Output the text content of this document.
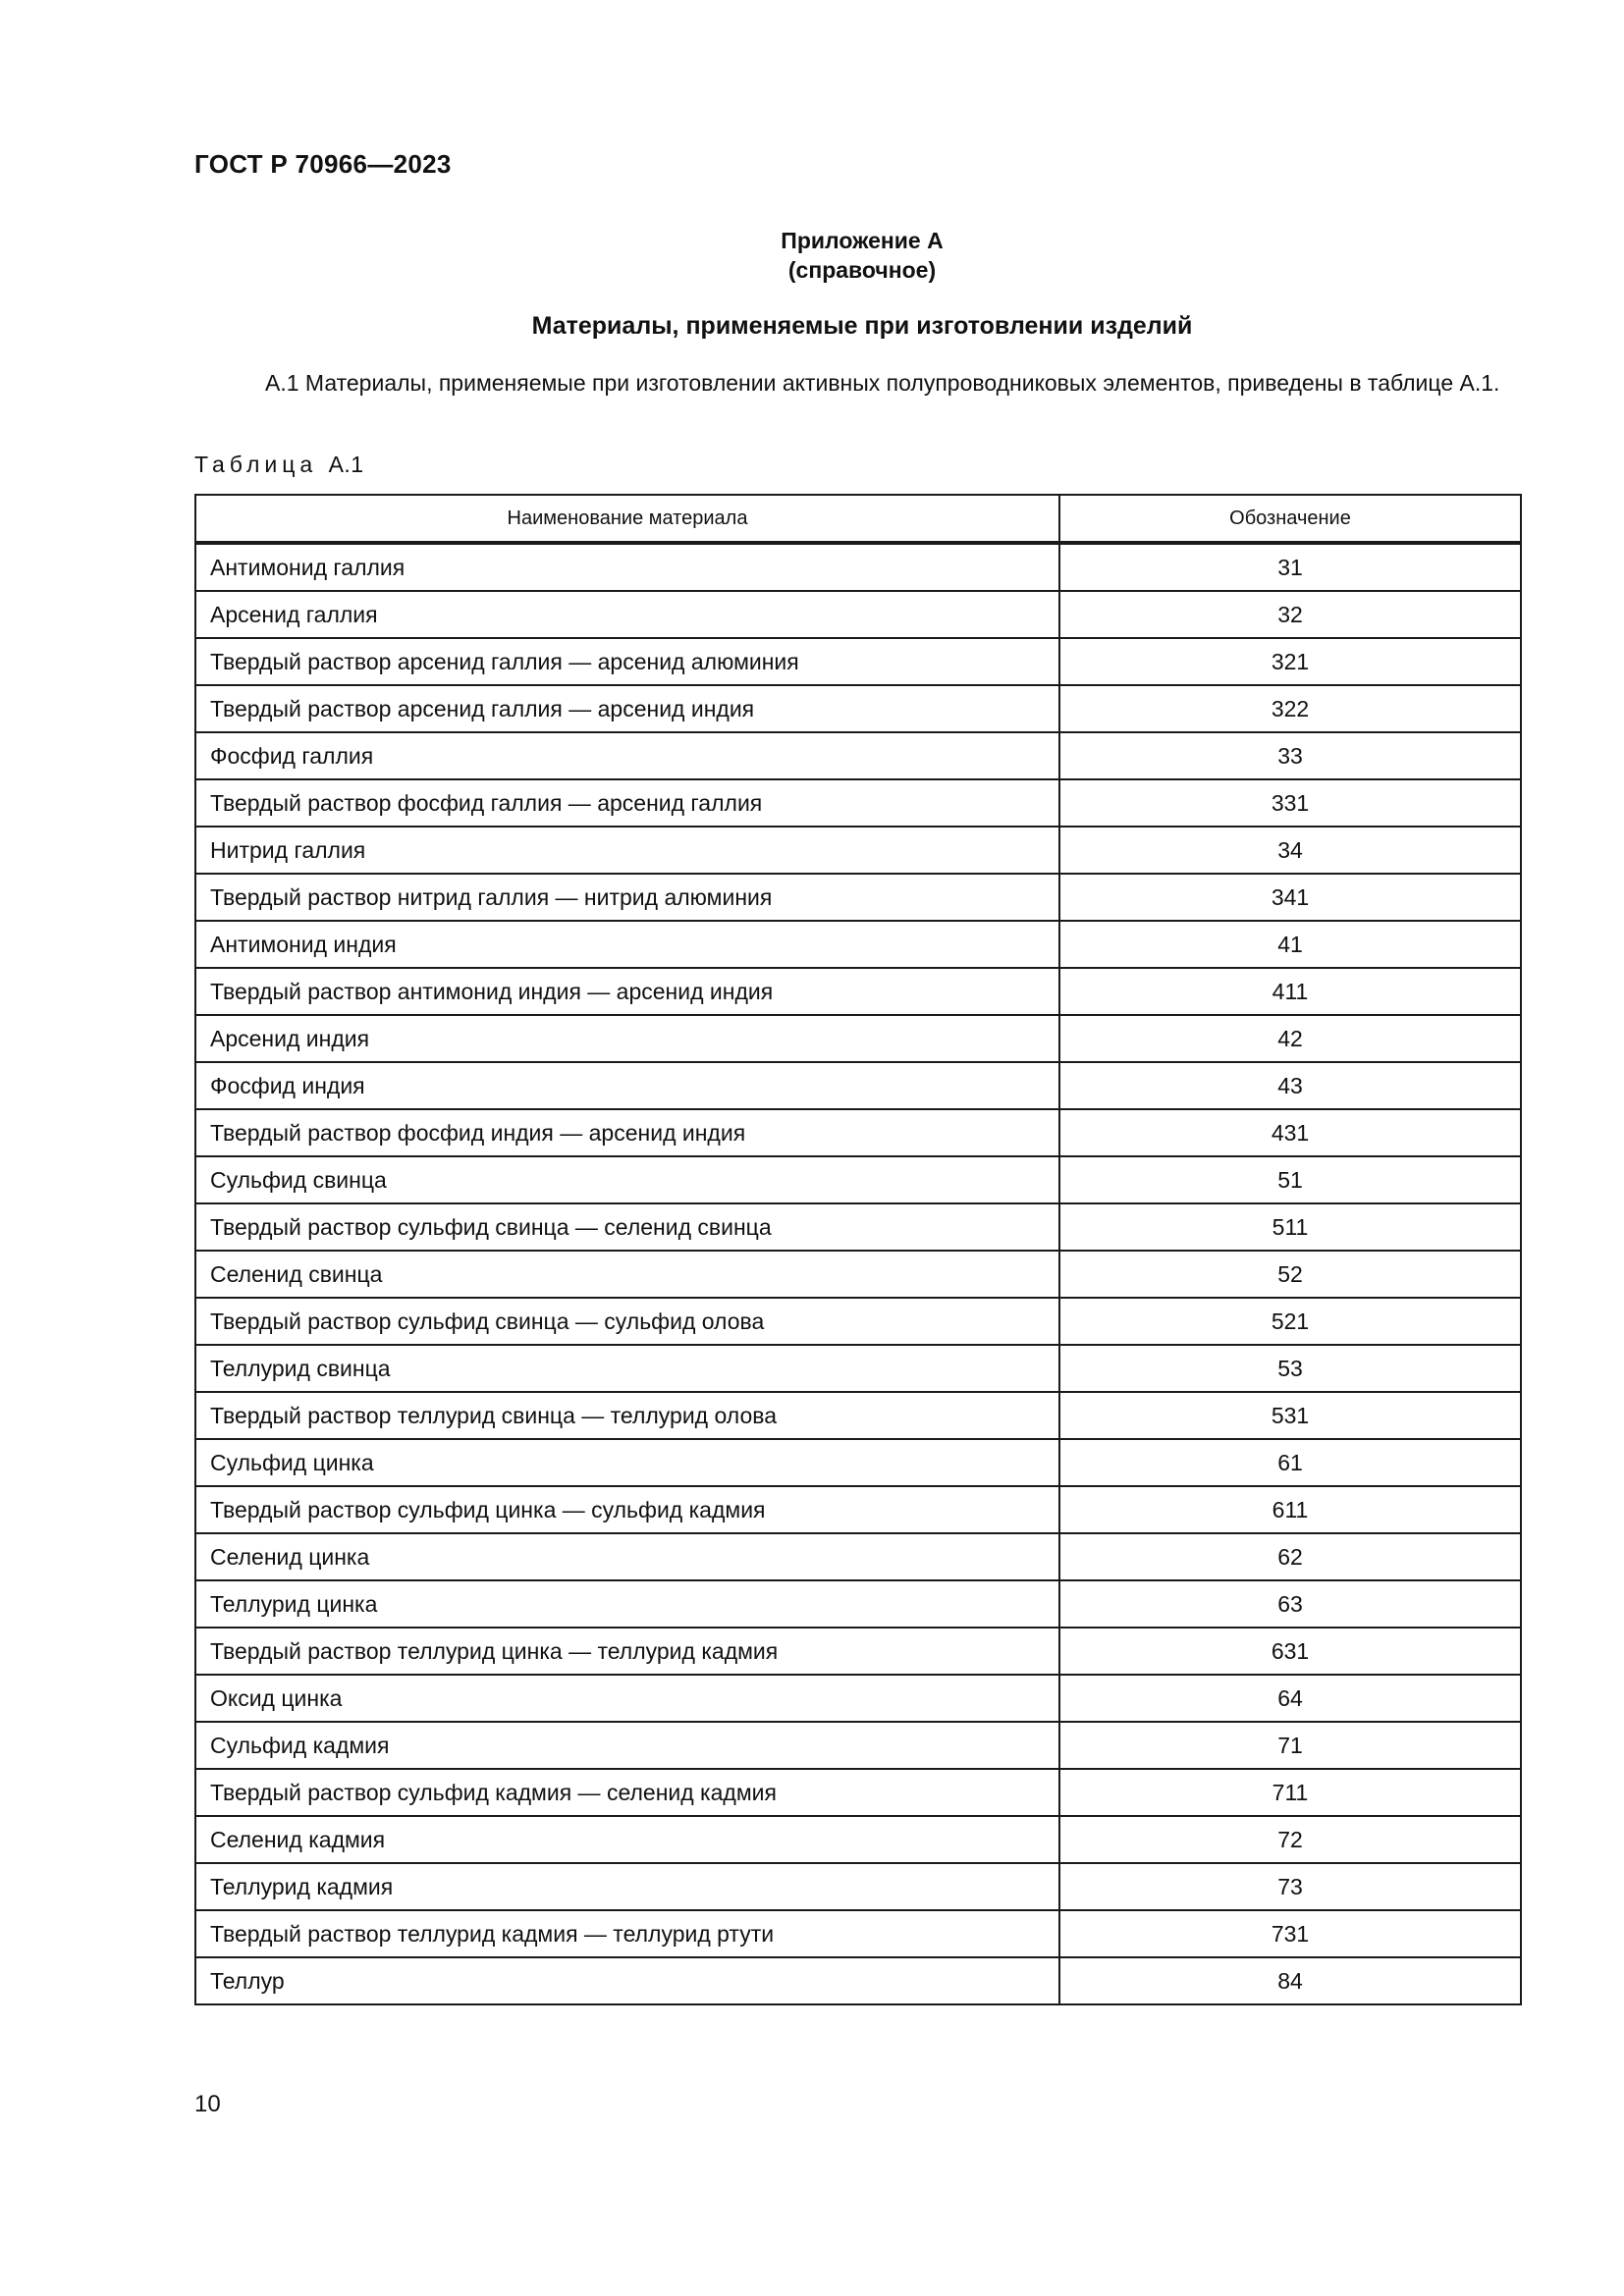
ГОСТ Р 70966—2023
Приложение А
(справочное)
Материалы, применяемые при изготовлении изделий
А.1 Материалы, применяемые при изготовлении активных полупроводниковых элементов, приведены в таблице А.1.
Таблица А.1
Наименование материала	Обозначение
Антимонид галлия	31
Арсенид галлия	32
Твердый раствор арсенид галлия — арсенид алюминия	321
Твердый раствор арсенид галлия — арсенид индия	322
Фосфид галлия	33
Твердый раствор фосфид галлия — арсенид галлия	331
Нитрид галлия	34
Твердый раствор нитрид галлия — нитрид алюминия	341
Антимонид индия	41
Твердый раствор антимонид индия — арсенид индия	411
Арсенид индия	42
Фосфид индия	43
Твердый раствор фосфид индия — арсенид индия	431
Сульфид свинца	51
Твердый раствор сульфид свинца — селенид свинца	511
Селенид свинца	52
Твердый раствор сульфид свинца — сульфид олова	521
Теллурид свинца	53
Твердый раствор теллурид свинца — теллурид олова	531
Сульфид цинка	61
Твердый раствор сульфид цинка — сульфид кадмия	611
Селенид цинка	62
Теллурид цинка	63
Твердый раствор теллурид цинка — теллурид кадмия	631
Оксид цинка	64
Сульфид кадмия	71
Твердый раствор сульфид кадмия — селенид кадмия	711
Селенид кадмия	72
Теллурид кадмия	73
Твердый раствор теллурид кадмия — теллурид ртути	731
Теллур	84
10
